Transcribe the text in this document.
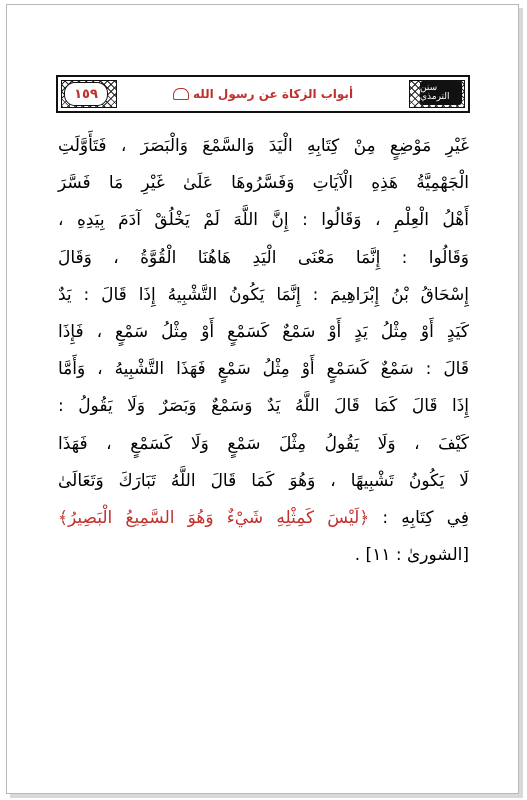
أبواب الزكاة عن رسول الله
١٥٩	سنن الترمذي
غَيْرِ مَوْضِعٍ مِنْ كِتَابِهِ الْيَدَ وَالسَّمْعَ وَالْبَصَرَ ، فَتَأَوَّلَتِ
الْجَهْمِيَّةُ هَذِهِ الْآيَاتِ وَفَسَّرُوهَا عَلَىٰ غَيْرِ مَا فَسَّرَ
أَهْلُ الْعِلْمِ ، وَقَالُوا : إِنَّ اللَّهَ لَمْ يَخْلُقْ آدَمَ بِيَدِهِ ،
وَقَالُوا : إِنَّمَا مَعْنَى الْيَدِ هَاهُنَا الْقُوَّةُ ، وَقَالَ
إِسْحَاقُ بْنُ إِبْرَاهِيمَ : إِنَّمَا يَكُونُ التَّشْبِيهُ إِذَا قَالَ : يَدٌ
كَيَدٍ أَوْ مِثْلُ يَدٍ أَوْ سَمْعٌ كَسَمْعٍ أَوْ مِثْلُ سَمْعٍ ، فَإِذَا
قَالَ : سَمْعٌ كَسَمْعٍ أَوْ مِثْلُ سَمْعٍ فَهَذَا التَّشْبِيهُ ، وَأَمَّا
إِذَا قَالَ كَمَا قَالَ اللَّهُ يَدٌ وَسَمْعٌ وَبَصَرٌ وَلَا يَقُولُ :
كَيْفَ ، وَلَا يَقُولُ مِثْلَ سَمْعٍ وَلَا كَسَمْعٍ ، فَهَذَا
لَا يَكُونُ تَشْبِيهًا ، وَهُوَ كَمَا قَالَ اللَّهُ تَبَارَكَ وَتَعَالَىٰ
فِي كِتَابِهِ : ﴿لَيْسَ كَمِثْلِهِ شَيْءٌ وَهُوَ السَّمِيعُ الْبَصِيرُ﴾
[الشورىٰ : ١١] .
